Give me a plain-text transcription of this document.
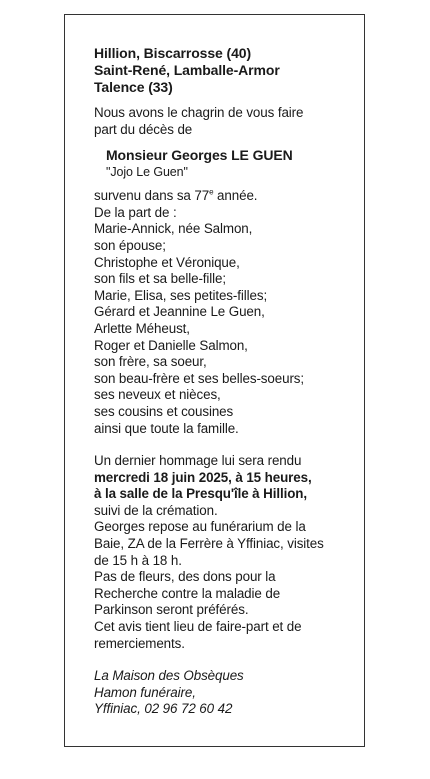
Hillion, Biscarrosse (40)
Saint-René, Lamballe-Armor
Talence (33)
Nous avons le chagrin de vous faire
part du décès de
Monsieur Georges LE GUEN
"Jojo Le Guen"
survenu dans sa 77e année.
De la part de :
Marie-Annick, née Salmon,
son épouse;
Christophe et Véronique,
son fils et sa belle-fille;
Marie, Elisa, ses petites-filles;
Gérard et Jeannine Le Guen,
Arlette Méheust,
Roger et Danielle Salmon,
son frère, sa soeur,
son beau-frère et ses belles-soeurs;
ses neveux et nièces,
ses cousins et cousines
ainsi que toute la famille.
Un dernier hommage lui sera rendu
mercredi 18 juin 2025, à 15 heures,
à la salle de la Presqu'île à Hillion,
suivi de la crémation.
Georges repose au funérarium de la
Baie, ZA de la Ferrère à Yffiniac, visites
de 15 h à 18 h.
Pas de fleurs, des dons pour la
Recherche contre la maladie de
Parkinson seront préférés.
Cet avis tient lieu de faire-part et de
remerciements.
La Maison des Obsèques
Hamon funéraire,
Yffiniac, 02 96 72 60 42
